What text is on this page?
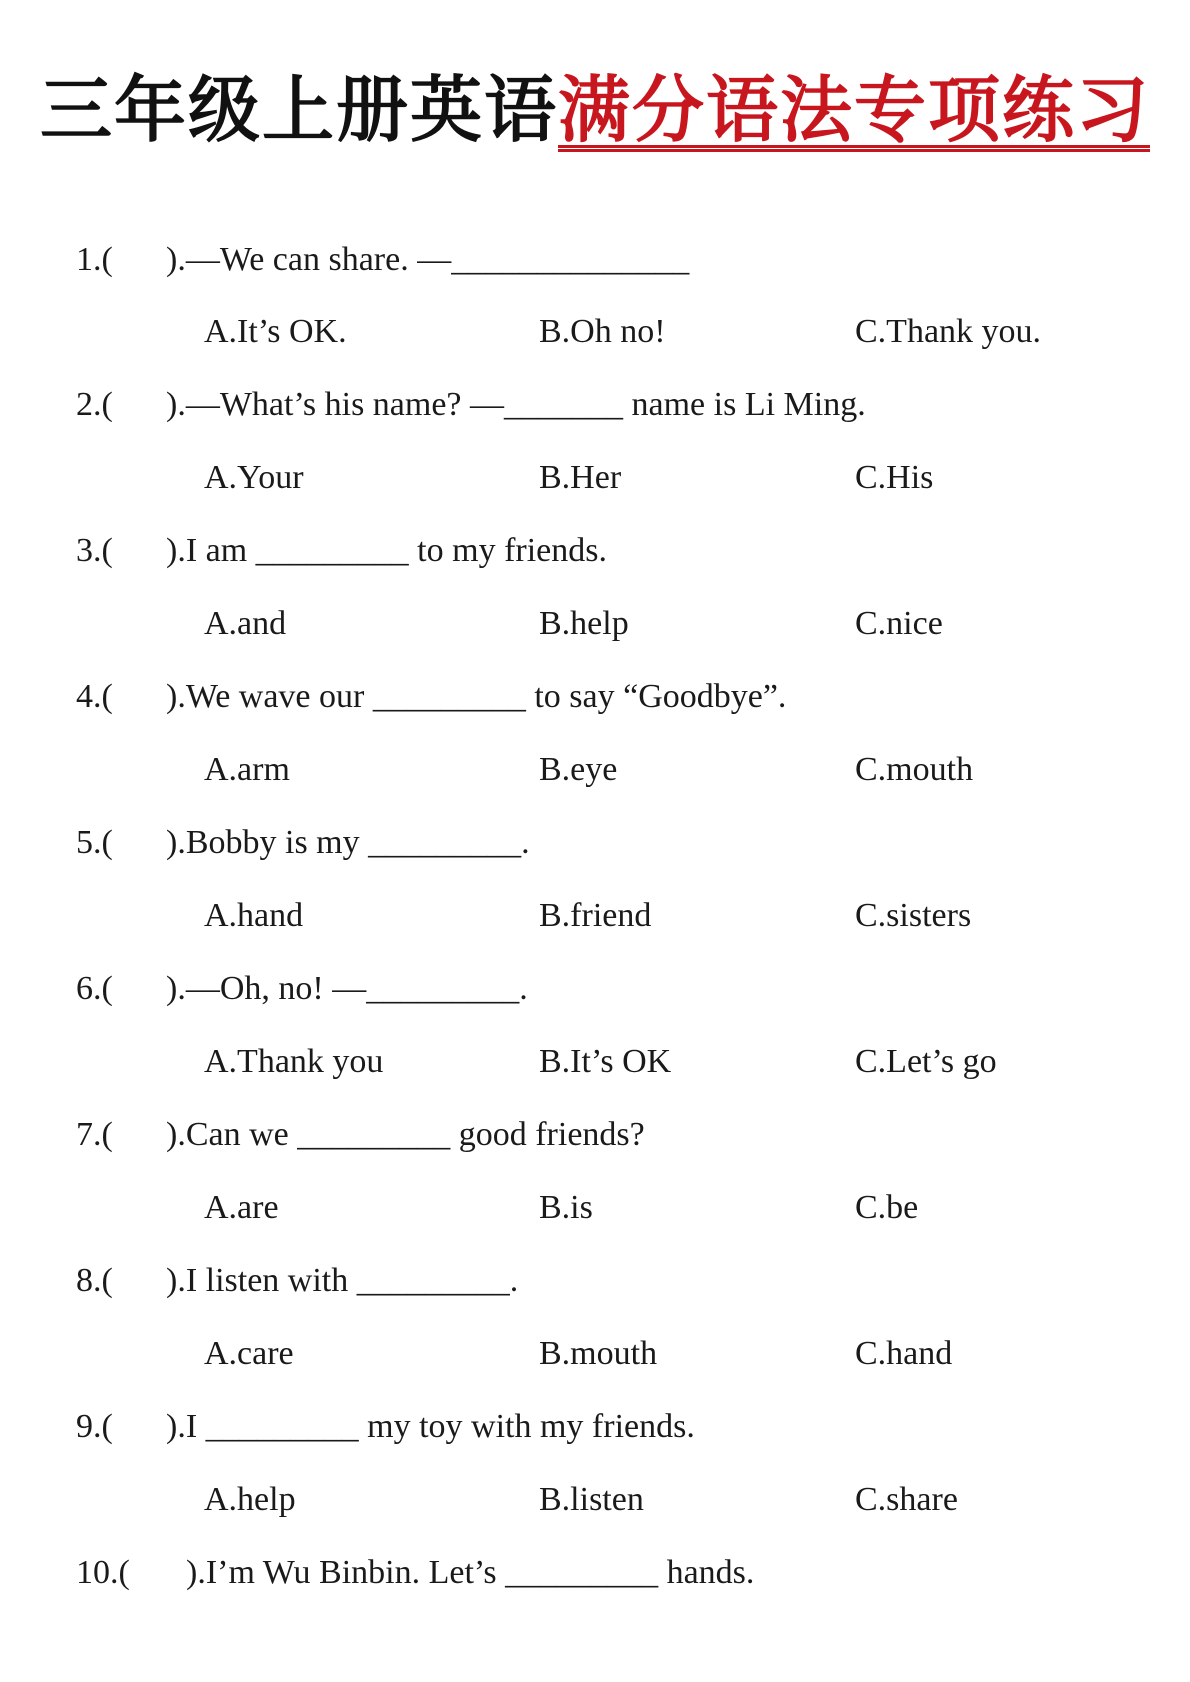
三年级上册英语满分语法专项练习
1.( ).—We can share. —______________
A.It’s OK.	B.Oh no!	C.Thank you.
2.( ).—What’s his name? —_______ name is Li Ming.
A.Your	B.Her	C.His
3.( ).I am _________ to my friends.
A.and	B.help	C.nice
4.( ).We wave our _________ to say “Goodbye”.
A.arm	B.eye	C.mouth
5.( ).Bobby is my _________.
A.hand	B.friend	C.sisters
6.( ).—Oh, no! —_________.
A.Thank you	B.It’s OK	C.Let’s go
7.( ).Can we _________ good friends?
A.are	B.is	C.be
8.( ).I listen with _________.
A.care	B.mouth	C.hand
9.( ).I _________ my toy with my friends.
A.help	B.listen	C.share
10.( ).I’m Wu Binbin. Let’s _________ hands.
